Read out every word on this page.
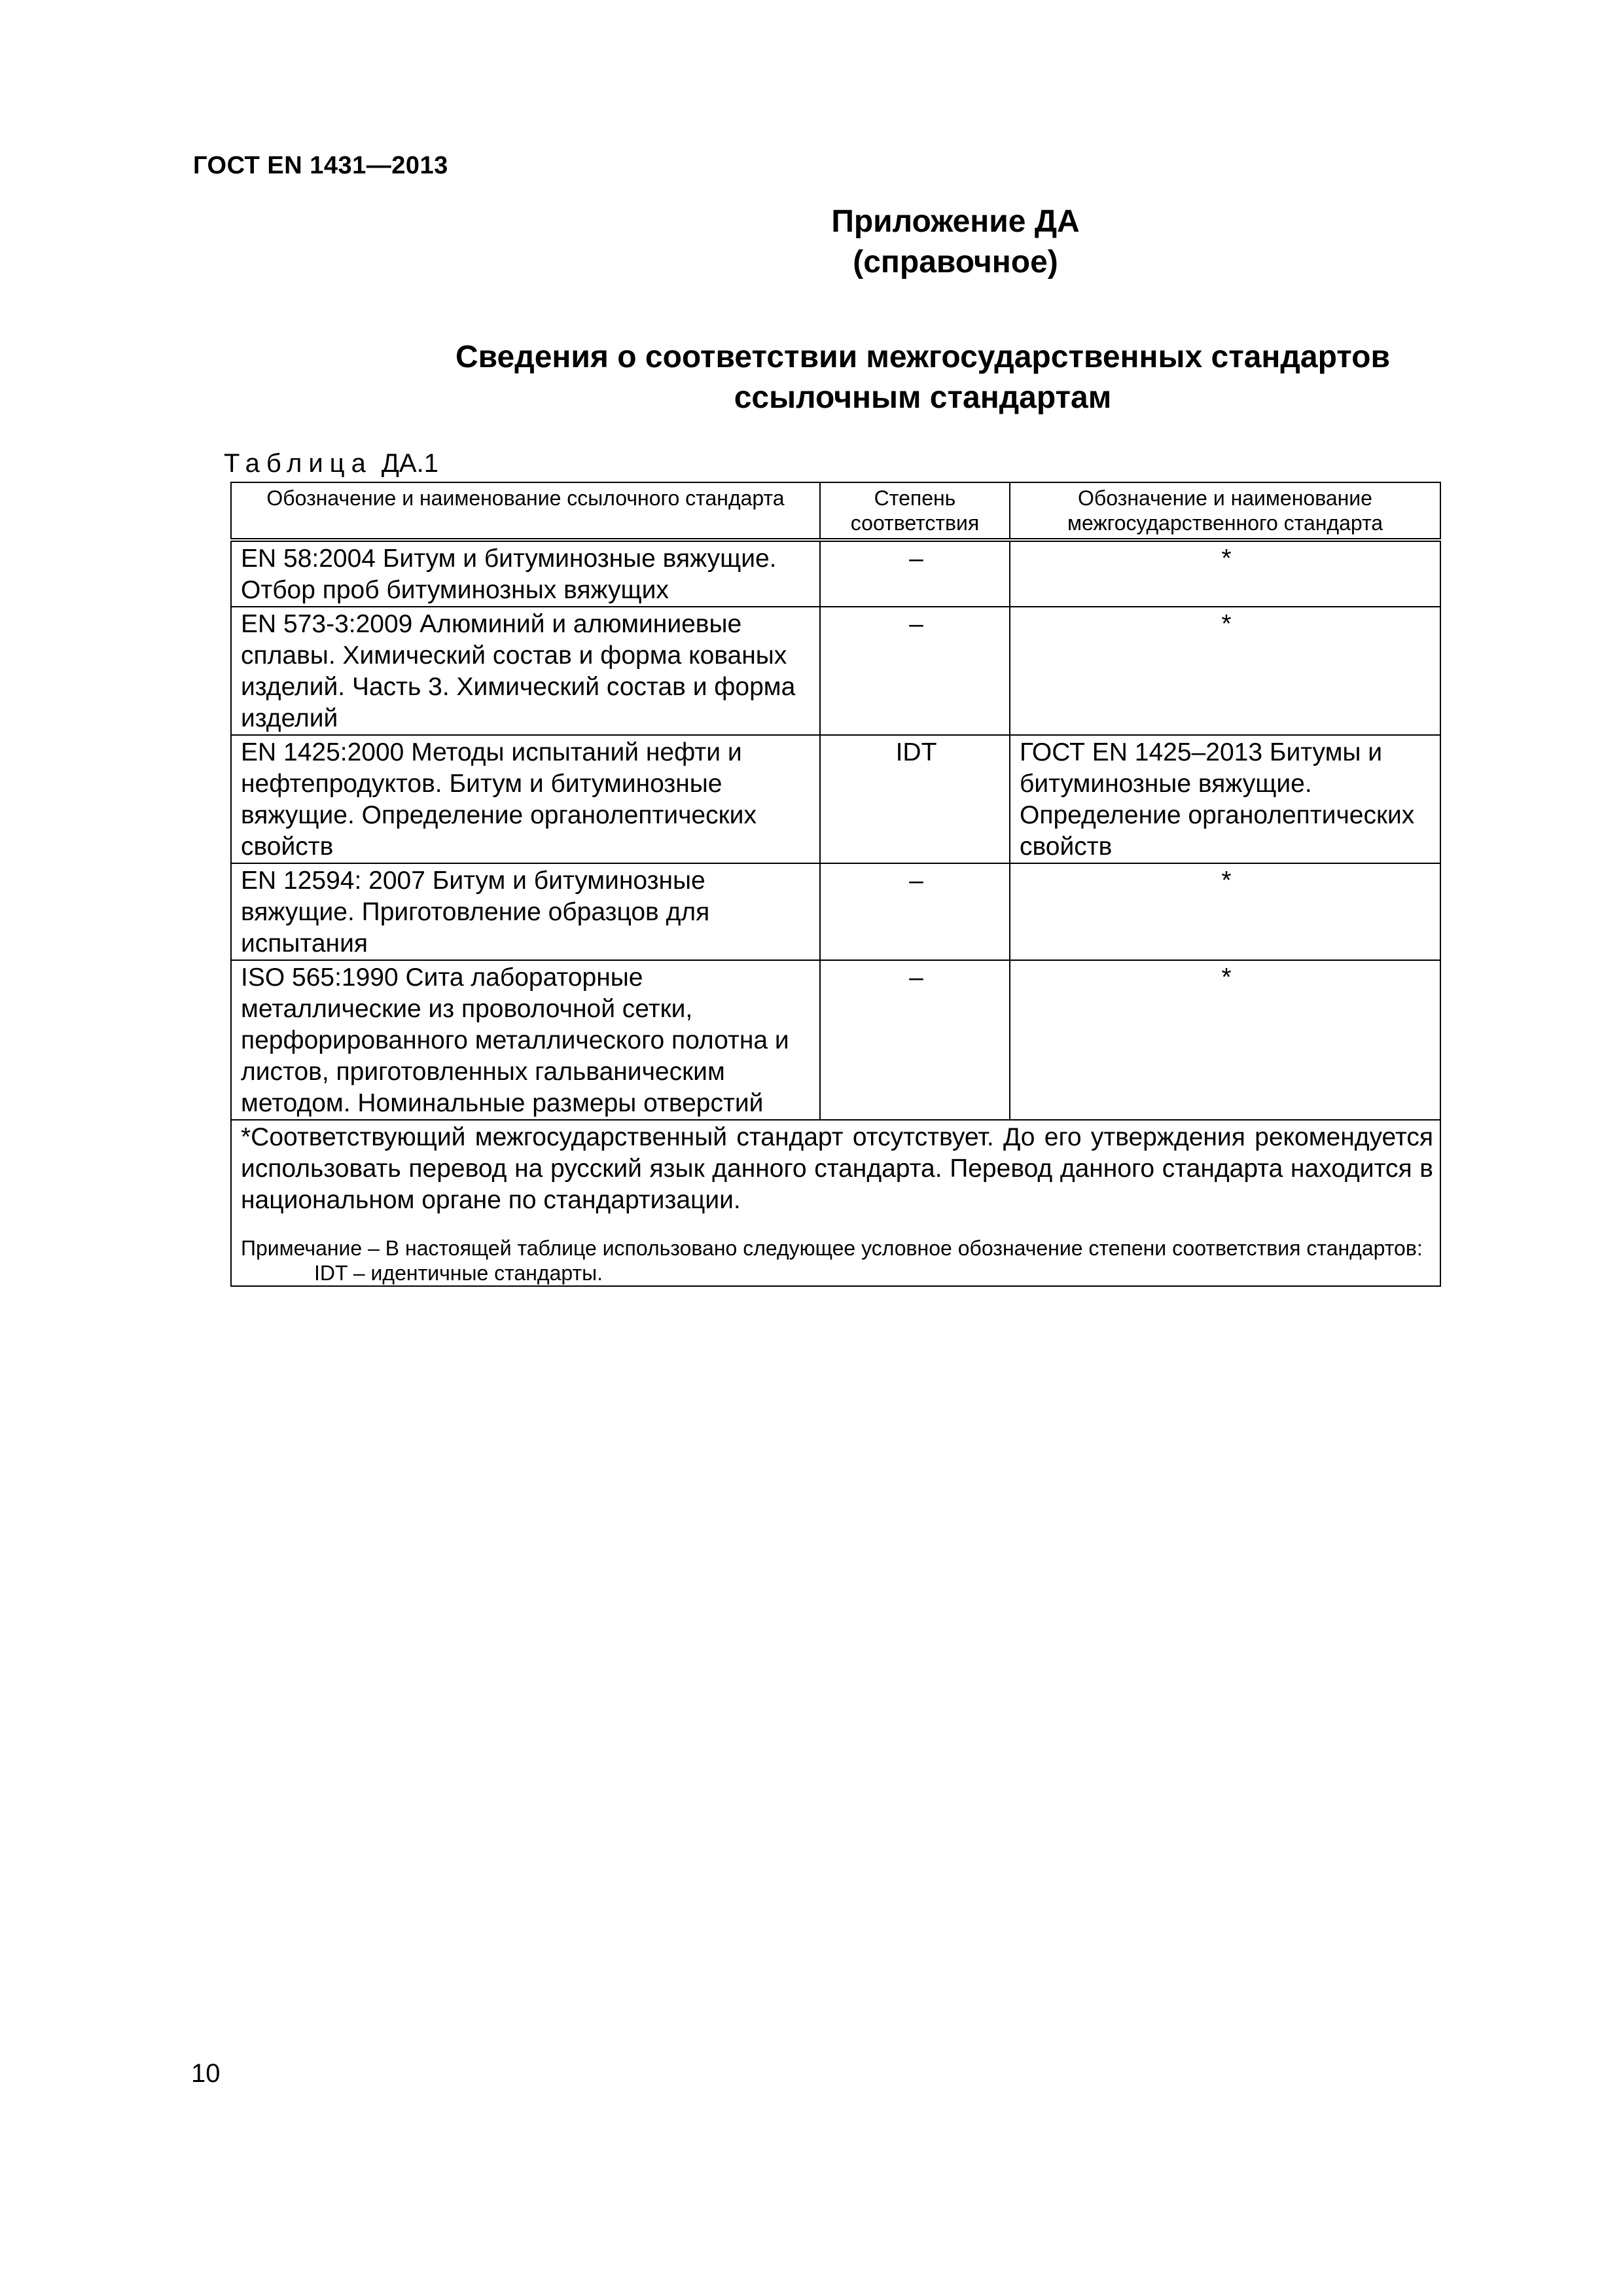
ГОСТ EN 1431—2013
Приложение ДА
(справочное)
Сведения о соответствии межгосударственных стандартов
ссылочным стандартам
Таблица ДА.1
Обозначение и наименование ссылочного стандарта	Степень соответствия	Обозначение и наименование межгосударственного стандарта
EN 58:2004 Битум и битуминозные вяжущие. Отбор проб битуминозных вяжущих	–	*
EN 573-3:2009 Алюминий и алюминиевые сплавы. Химический состав и форма кованых изделий. Часть 3. Химический состав и форма изделий	–	*
EN 1425:2000 Методы испытаний нефти и нефтепродуктов. Битум и битуминозные вяжущие. Определение органолептических свойств	IDT	ГОСТ EN 1425–2013 Битумы и битуминозные вяжущие. Определение органолептических свойств
EN 12594: 2007 Битум и битуминозные вяжущие. Приготовление образцов для испытания	–	*
ISO 565:1990 Сита лабораторные металлические из проволочной сетки, перфорированного металлического полотна и листов, приготовленных гальваническим методом. Номинальные размеры отверстий	–	*

*Соответствующий межгосударственный стандарт отсутствует. До его утверждения рекомендуется использовать перевод на русский язык данного стандарта. Перевод данного стандарта находится в национальном органе по стандартизации.
Примечание – В настоящей таблице использовано следующее условное обозначение степени соответствия стандартов:
IDT – идентичные стандарты.		
10
